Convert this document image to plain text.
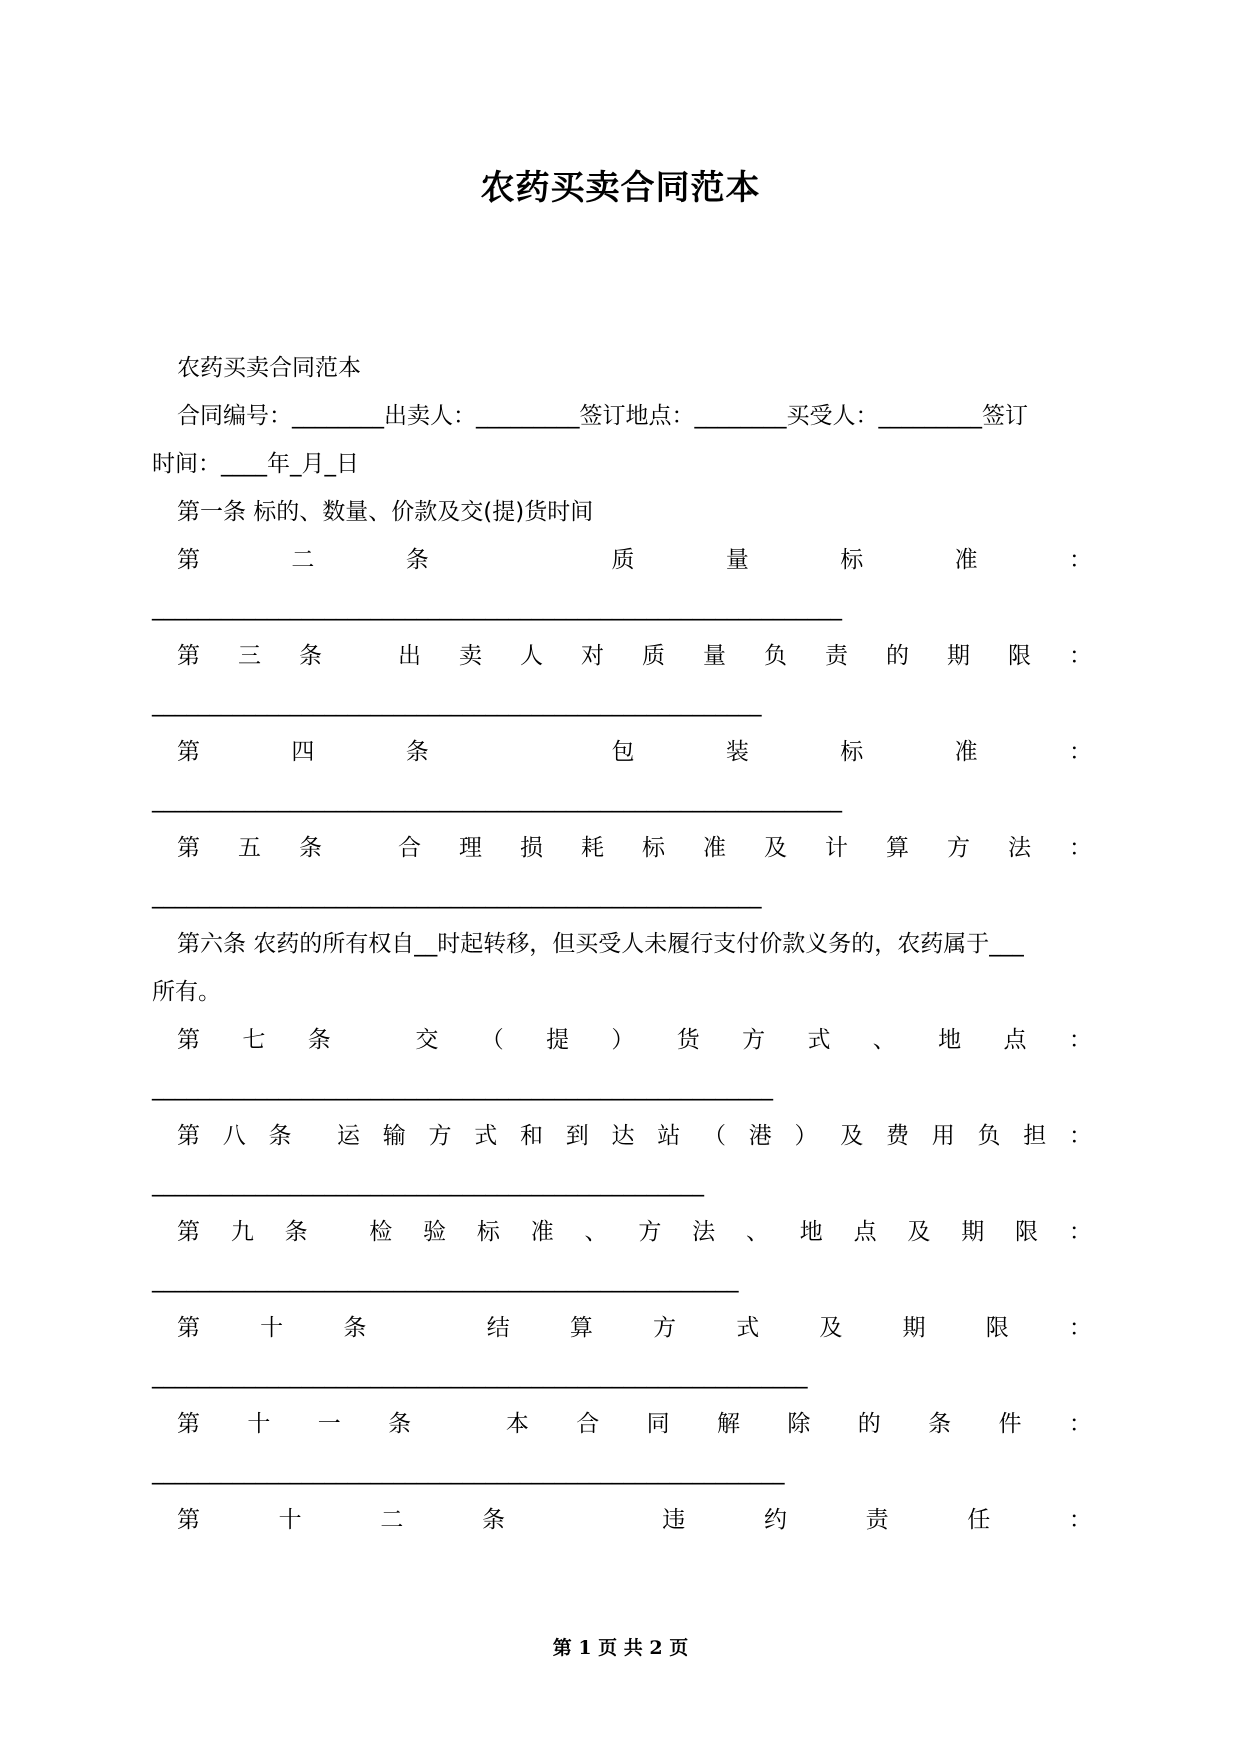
农药买卖合同范本
农药买卖合同范本
合同编号：________出卖人：_________签订地点：________买受人：_________签订
时间：____年_月_日
第一条 标的、数量、价款及交(提)货时间
第	二	条	质	量	标	准	：
____________________________________________________________
第 三 条	出 卖 人 对 质 量 负 责 的 期 限 ：
_____________________________________________________
第	四	条	包	装	标	准	：
____________________________________________________________
第 五 条	合 理 损 耗 标 准 及 计 算 方 法 ：
_____________________________________________________
第六条 农药的所有权自__时起转移，但买受人未履行支付价款义务的，农药属于___
所有。
第 七 条	交 （ 提 ） 货 方 式 、 地 点 ：
______________________________________________________
第 八 条 运 输 方 式 和 到 达 站 （ 港 ） 及 费 用 负 担 ：
________________________________________________
第 九 条	检 验 标 准 、 方 法 、 地 点 及 期 限 ：
___________________________________________________
第	十	条	结	算	方	式	及	期	限	：
_________________________________________________________
第 十 一 条	本 合 同 解 除 的 条 件 ：
_______________________________________________________
第	十	二	条	违	约	责	任	：
第 1 页 共 2 页
